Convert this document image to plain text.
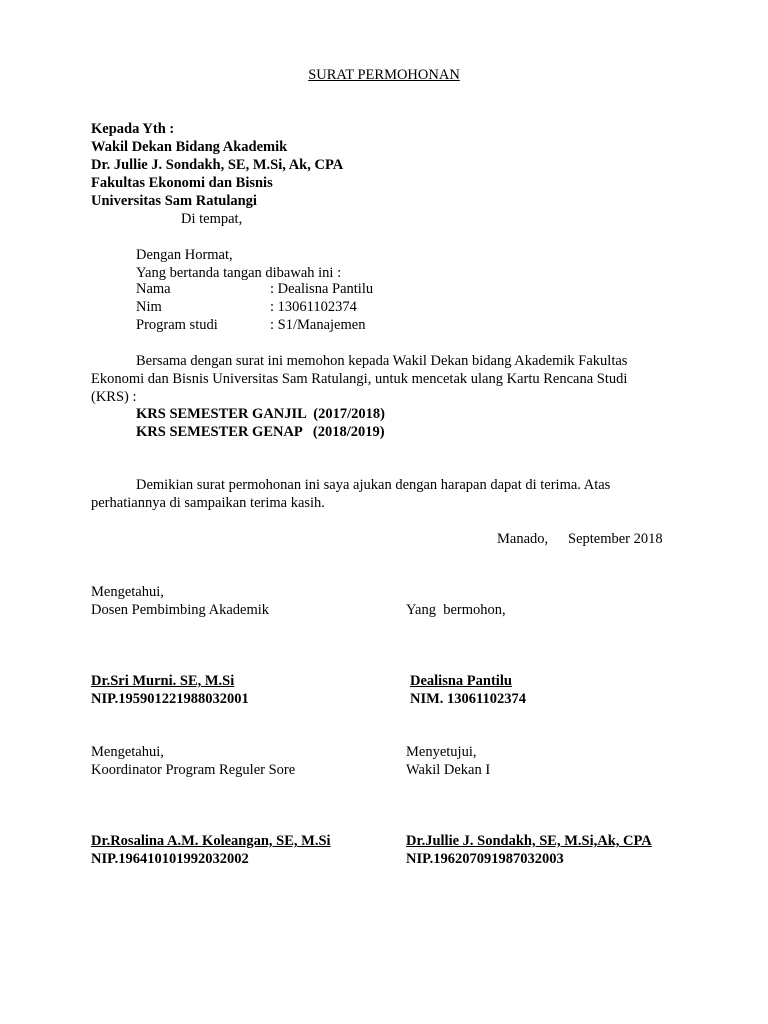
SURAT PERMOHONAN
Kepada Yth :
Wakil Dekan Bidang Akademik
Dr. Jullie J. Sondakh, SE, M.Si, Ak, CPA
Fakultas Ekonomi dan Bisnis
Universitas Sam Ratulangi
Di tempat,
Dengan Hormat,
Yang bertanda tangan dibawah ini :
Nama	: Dealisna Pantilu
Nim	: 13061102374
Program studi	: S1/Manajemen
Bersama dengan surat ini memohon kepada Wakil Dekan bidang Akademik Fakultas
Ekonomi dan Bisnis Universitas Sam Ratulangi, untuk mencetak ulang Kartu Rencana Studi
(KRS) :
KRS SEMESTER GANJIL  (2017/2018)
KRS SEMESTER GENAP   (2018/2019)
Demikian surat permohonan ini saya ajukan dengan harapan dapat di terima. Atas
perhatiannya di sampaikan terima kasih.
Manado, September 2018
Mengetahui,
Dosen Pembimbing Akademik	Yang  bermohon,
Dr.Sri Murni. SE, M.Si
NIP.195901221988032001
Dealisna Pantilu
NIM. 13061102374
Mengetahui,
Koordinator Program Reguler Sore
Menyetujui,
Wakil Dekan I
Dr.Rosalina A.M. Koleangan, SE, M.Si
NIP.196410101992032002
Dr.Jullie J. Sondakh, SE, M.Si,Ak, CPA
NIP.196207091987032003
